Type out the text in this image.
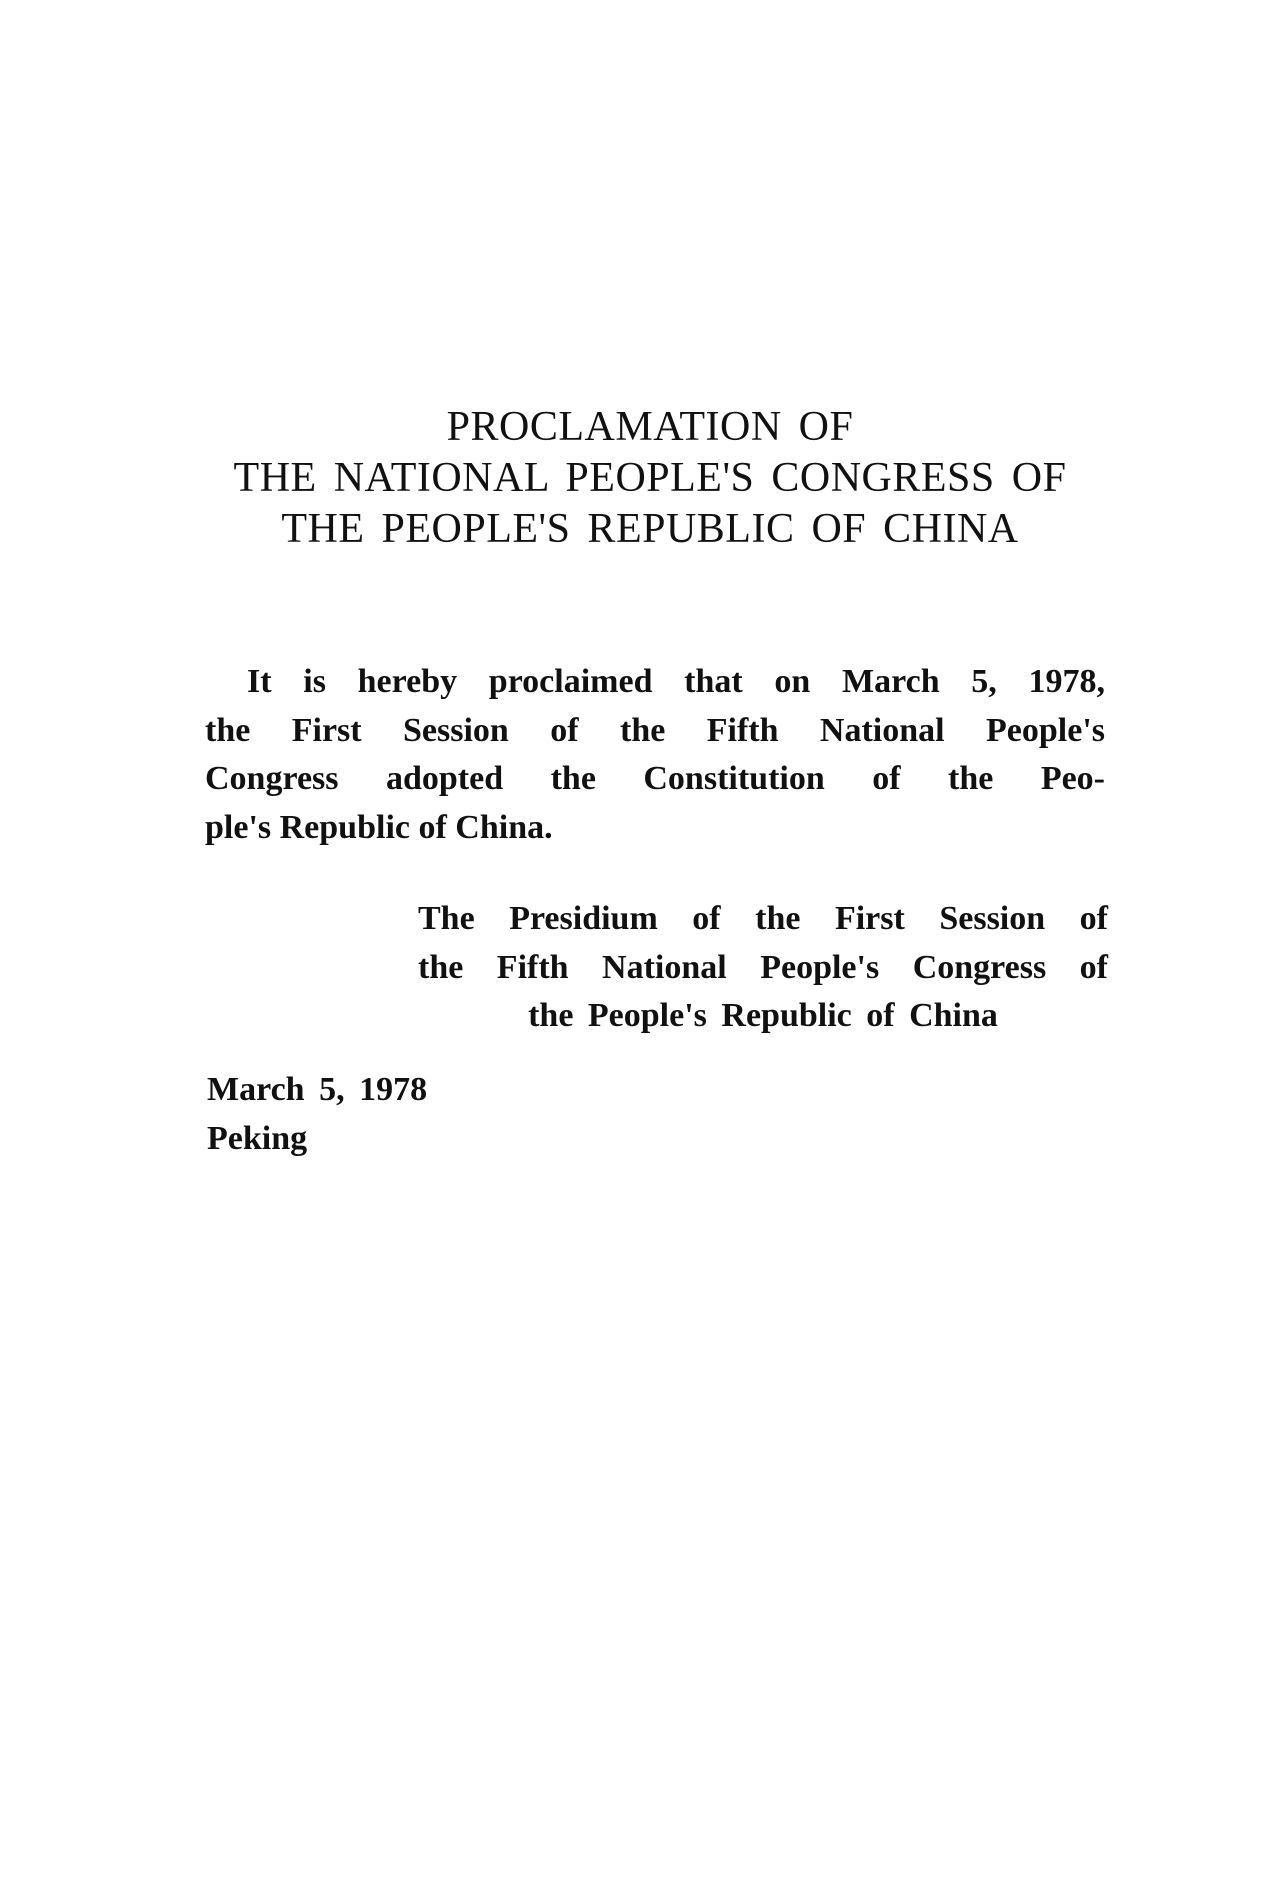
PROCLAMATION OF
THE NATIONAL PEOPLE'S CONGRESS OF
THE PEOPLE'S REPUBLIC OF CHINA

It is hereby proclaimed that on March 5, 1978,
the First Session of the Fifth National People's
Congress adopted the Constitution of the Peo-
ple's Republic of China.

The Presidium of the First Session of
the Fifth National People's Congress of
the People's Republic of China

March 5, 1978
Peking
